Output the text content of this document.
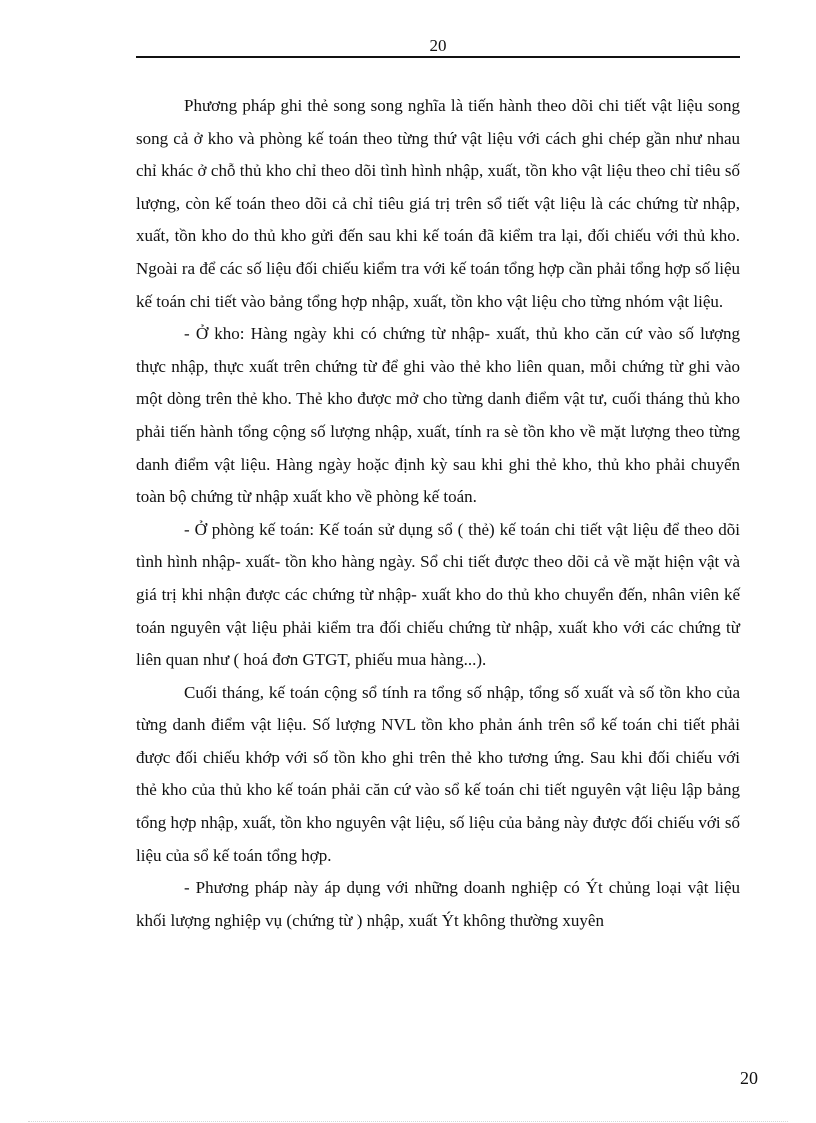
20

Phương pháp ghi thẻ song song nghĩa là tiến hành theo dõi chi tiết vật liệu song song cả ở kho và phòng kế toán theo từng thứ vật liệu với cách ghi chép gần như nhau chỉ khác ở chỗ thủ kho chỉ theo dõi tình hình nhập, xuất, tồn kho vật liệu theo chỉ tiêu số lượng, còn kế toán theo dõi cả chỉ tiêu giá trị trên sổ tiết vật liệu là các chứng từ nhập, xuất, tồn kho do thủ kho gửi đến sau khi kế toán đã kiểm tra lại, đối chiếu với thủ kho. Ngoài ra để các số liệu đối chiếu kiểm tra với kế toán tổng hợp cần phải tổng hợp số liệu kế toán chi tiết vào bảng tổng hợp nhập, xuất, tồn kho vật liệu cho từng nhóm vật liệu.

- Ở kho: Hàng ngày khi có chứng từ nhập- xuất, thủ kho căn cứ vào số lượng thực nhập, thực xuất trên chứng từ để ghi vào thẻ kho liên quan, mỗi chứng từ ghi vào một dòng trên thẻ kho. Thẻ kho được mở cho từng danh điểm vật tư, cuối tháng thủ kho phải tiến hành tổng cộng số lượng nhập, xuất, tính ra sè tồn kho về mặt lượng theo từng danh điểm vật liệu. Hàng ngày hoặc định kỳ sau khi ghi thẻ kho, thủ kho phải chuyển toàn bộ chứng từ nhập xuất kho về phòng kế toán.

- Ở phòng kế toán: Kế toán sử dụng sổ ( thẻ) kế toán chi tiết vật liệu để theo dõi tình hình nhập- xuất- tồn kho hàng ngày. Sổ chi tiết được theo dõi cả về mặt hiện vật và giá trị khi nhận được các chứng từ nhập- xuất kho do thủ kho chuyển đến, nhân viên kế toán nguyên vật liệu phải kiểm tra đối chiếu chứng từ nhập, xuất kho với các chứng từ liên quan như ( hoá đơn GTGT, phiếu mua hàng...).

Cuối tháng, kế toán cộng sổ tính ra tổng số nhập, tổng số xuất và số tồn kho của từng danh điểm vật liệu. Số lượng NVL tồn kho phản ánh trên sổ kế toán chi tiết phải được đối chiếu khớp với số tồn kho ghi trên thẻ kho tương ứng. Sau khi đối chiếu với thẻ kho của thủ kho kế toán phải căn cứ vào sổ kế toán chi tiết nguyên vật liệu lập bảng tổng hợp nhập, xuất, tồn kho nguyên vật liệu, số liệu của bảng này được đối chiếu với số liệu của sổ kế toán tổng hợp.

- Phương pháp này áp dụng với những doanh nghiệp có Ýt chủng loại vật liệu khối lượng nghiệp vụ (chứng từ ) nhập, xuất Ýt không thường xuyên

20
